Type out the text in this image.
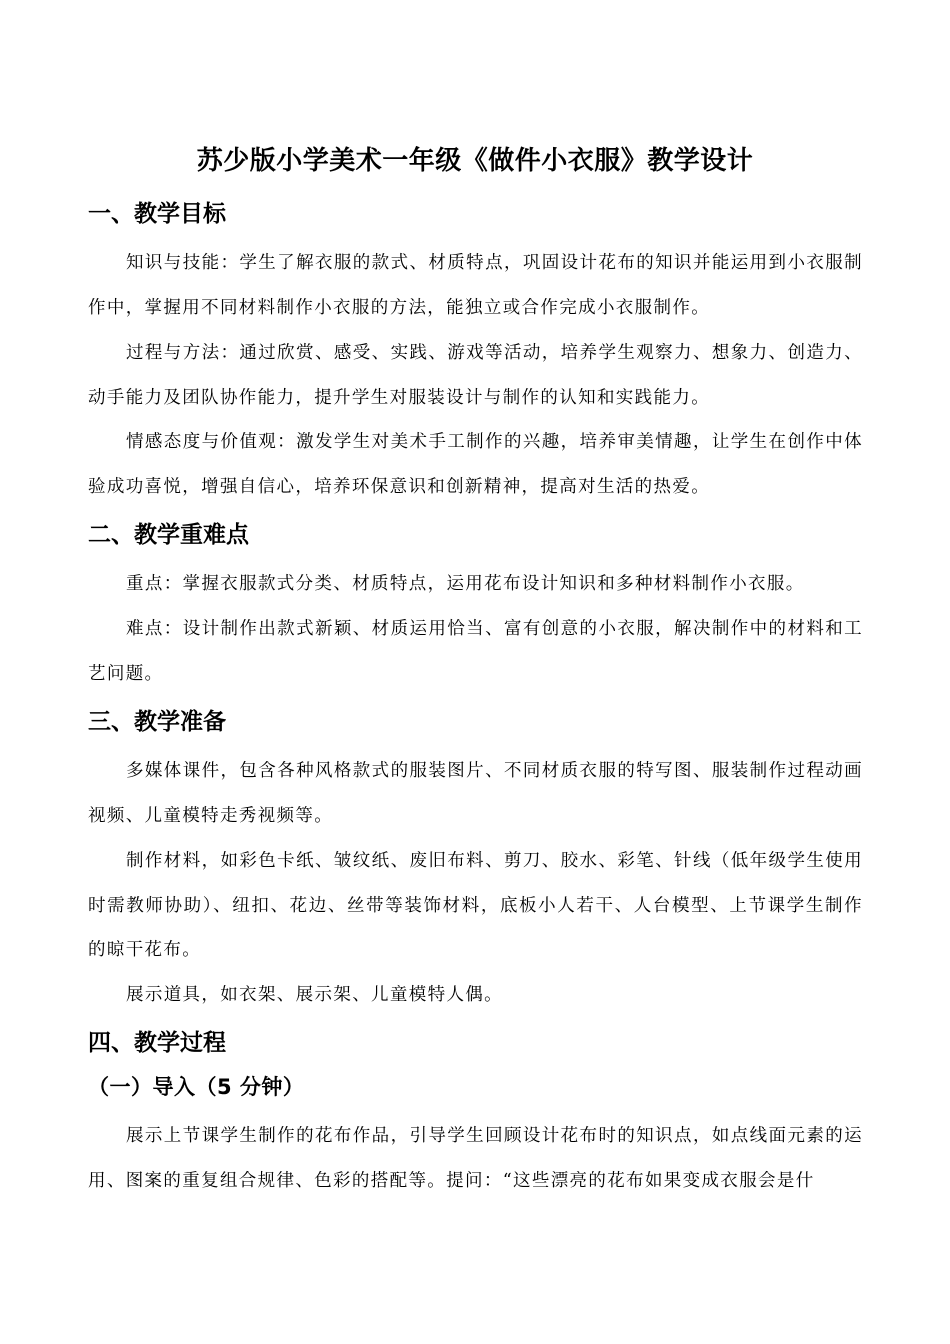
苏少版小学美术一年级《做件小衣服》教学设计
一、教学目标
知识与技能：学生了解衣服的款式、材质特点，巩固设计花布的知识并能运用到小衣服制作中，掌握用不同材料制作小衣服的方法，能独立或合作完成小衣服制作。
过程与方法：通过欣赏、感受、实践、游戏等活动，培养学生观察力、想象力、创造力、动手能力及团队协作能力，提升学生对服装设计与制作的认知和实践能力。
情感态度与价值观：激发学生对美术手工制作的兴趣，培养审美情趣，让学生在创作中体验成功喜悦，增强自信心，培养环保意识和创新精神，提高对生活的热爱。
二、教学重难点
重点：掌握衣服款式分类、材质特点，运用花布设计知识和多种材料制作小衣服。
难点：设计制作出款式新颖、材质运用恰当、富有创意的小衣服，解决制作中的材料和工艺问题。
三、教学准备
多媒体课件，包含各种风格款式的服装图片、不同材质衣服的特写图、服装制作过程动画视频、儿童模特走秀视频等。
制作材料，如彩色卡纸、皱纹纸、废旧布料、剪刀、胶水、彩笔、针线（低年级学生使用时需教师协助）、纽扣、花边、丝带等装饰材料，底板小人若干、人台模型、上节课学生制作的晾干花布。
展示道具，如衣架、展示架、儿童模特人偶。
四、教学过程
（一）导入（5 分钟）
展示上节课学生制作的花布作品，引导学生回顾设计花布时的知识点，如点线面元素的运用、图案的重复组合规律、色彩的搭配等。提问：“这些漂亮的花布如果变成衣服会是什
